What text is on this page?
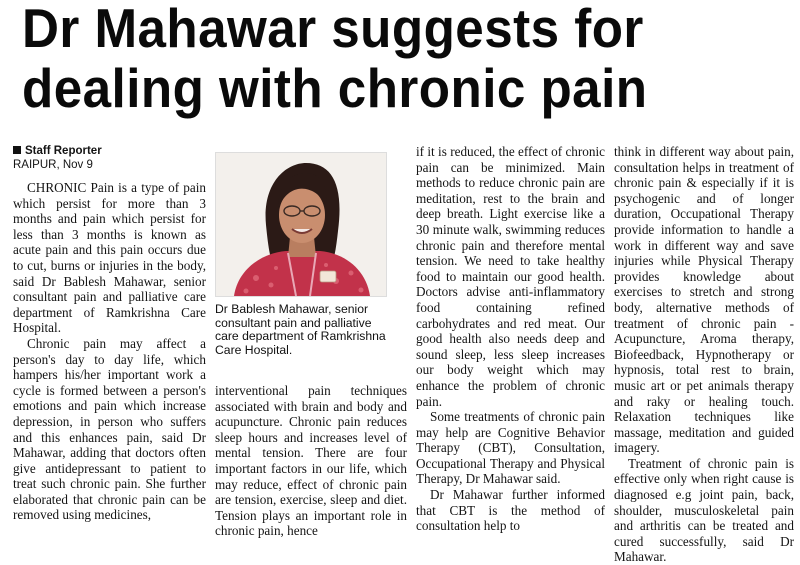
Dr Mahawar suggests for
dealing with chronic pain
Staff Reporter
RAIPUR, Nov 9

CHRONIC Pain is a type of pain which persist for more than 3 months and pain which persist for less than 3 months is known as acute pain and this pain occurs due to cut, burns or injuries in the body, said Dr Bablesh Mahawar, senior consultant pain and palliative care department of Ramkrishna Care Hospital.

Chronic pain may affect a person's day to day life, which hampers his/her important work a cycle is formed between a person's emotions and pain which increase depression, in person who suffers and this enhances pain, said Dr Mahawar, adding that doctors often give antidepressant to patient to treat such chronic pain. She further elaborated that chronic pain can be removed using medicines,

Dr Bablesh Mahawar, senior consultant pain and palliative care department of Ramkrishna Care Hospital.

interventional pain techniques associated with brain and body and acupuncture. Chronic pain reduces sleep hours and increases level of mental tension. There are four important factors in our life, which may reduce, effect of chronic pain are tension, exercise, sleep and diet. Tension plays an important role in chronic pain, hence

if it is reduced, the effect of chronic pain can be minimized. Main methods to reduce chronic pain are meditation, rest to the brain and deep breath. Light exercise like a 30 minute walk, swimming reduces chronic pain and therefore mental tension. We need to take healthy food to maintain our good health. Doctors advise anti-inflammatory food containing refined carbohydrates and red meat. Our good health also needs deep and sound sleep, less sleep increases our body weight which may enhance the problem of chronic pain.

Some treatments of chronic pain may help are Cognitive Behavior Therapy (CBT), Consultation, Occupational Therapy and Physical Therapy, Dr Mahawar said.

Dr Mahawar further informed that CBT is the method of consultation help to

think in different way about pain, consultation helps in treatment of chronic pain & especially if it is psychogenic and of longer duration, Occupational Therapy provide information to handle a work in different way and save injuries while Physical Therapy provides knowledge about exercises to stretch and strong body, alternative methods of treatment of chronic pain - Acupuncture, Aroma therapy, Biofeedback, Hypnotherapy or hypnosis, total rest to brain, music art or pet animals therapy and raky or healing touch. Relaxation techniques like massage, meditation and guided imagery.

Treatment of chronic pain is effective only when right cause is diagnosed e.g joint pain, back, shoulder, musculoskeletal pain and arthritis can be treated and cured successfully, said Dr Mahawar.
